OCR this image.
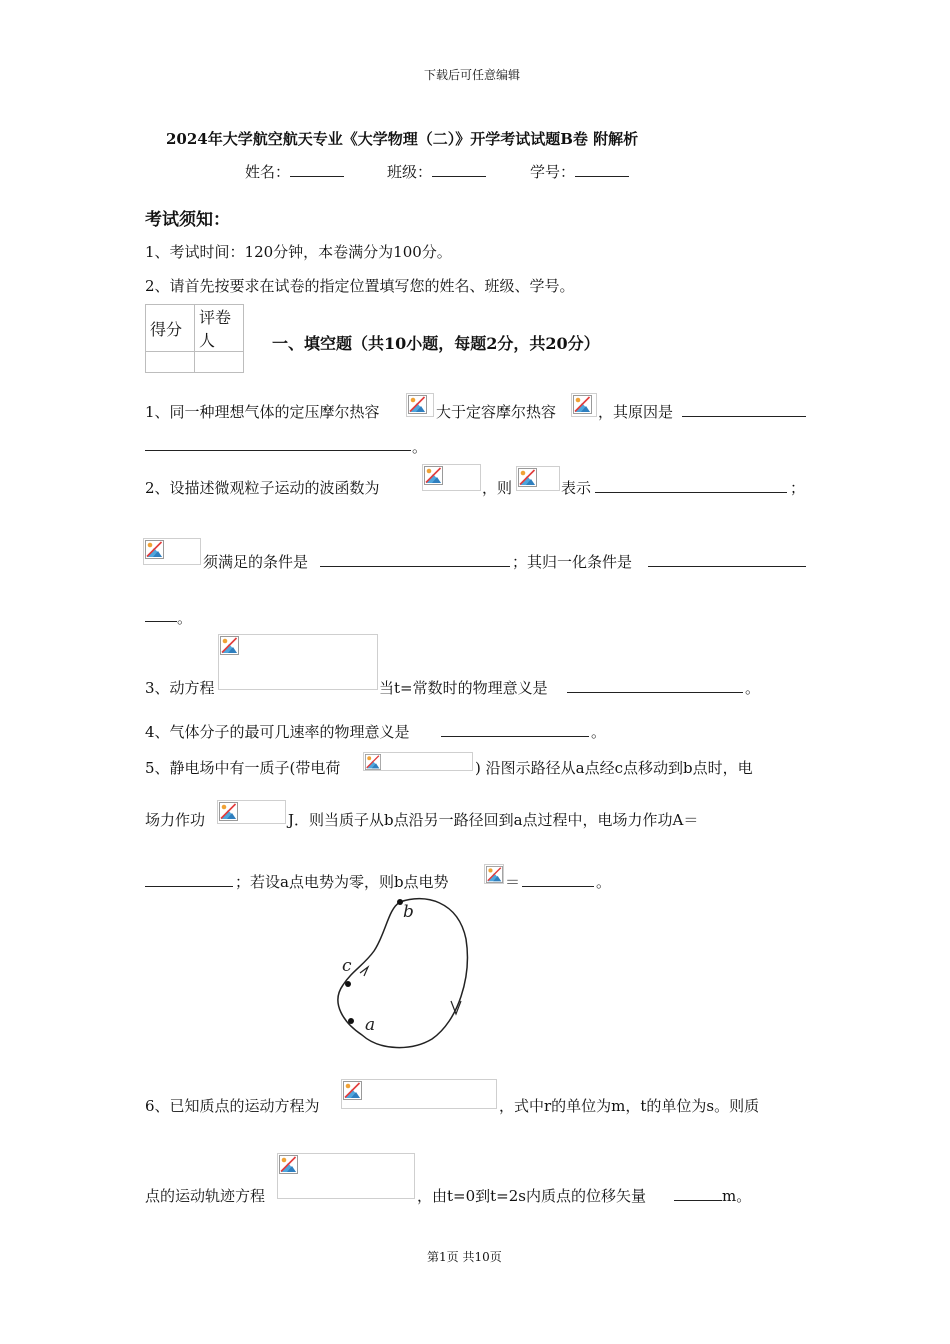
下载后可任意编辑
2024年大学航空航天专业《大学物理（二）》开学考试试题B卷 附解析
姓名：	班级：	学号：
考试须知：
1、考试时间：120分钟，本卷满分为100分。
2、请首先按要求在试卷的指定位置填写您的姓名、班级、学号。
得分	评卷人
		一、填空题（共10小题，每题2分，共20分）
1、同一种理想气体的定压摩尔热容	大于定容摩尔热容	，其原因是
。
2、设描述微观粒子运动的波函数为	，则	表示	；
须满足的条件是	；其归一化条件是
。
3、动方程	当t=常数时的物理意义是	。
4、气体分子的最可几速率的物理意义是	。
5、静电场中有一质子(带电荷	) 沿图示路径从a点经c点移动到b点时，电
场力作功	J．则当质子从b点沿另一路径回到a点过程中，电场力作功A＝
；若设a点电势为零，则b点电势	＝	。
b
c
a
6、已知质点的运动方程为	，式中r的单位为m，t的单位为s。则质
点的运动轨迹方程	，由t=0到t=2s内质点的位移矢量	m。
第1页 共10页
